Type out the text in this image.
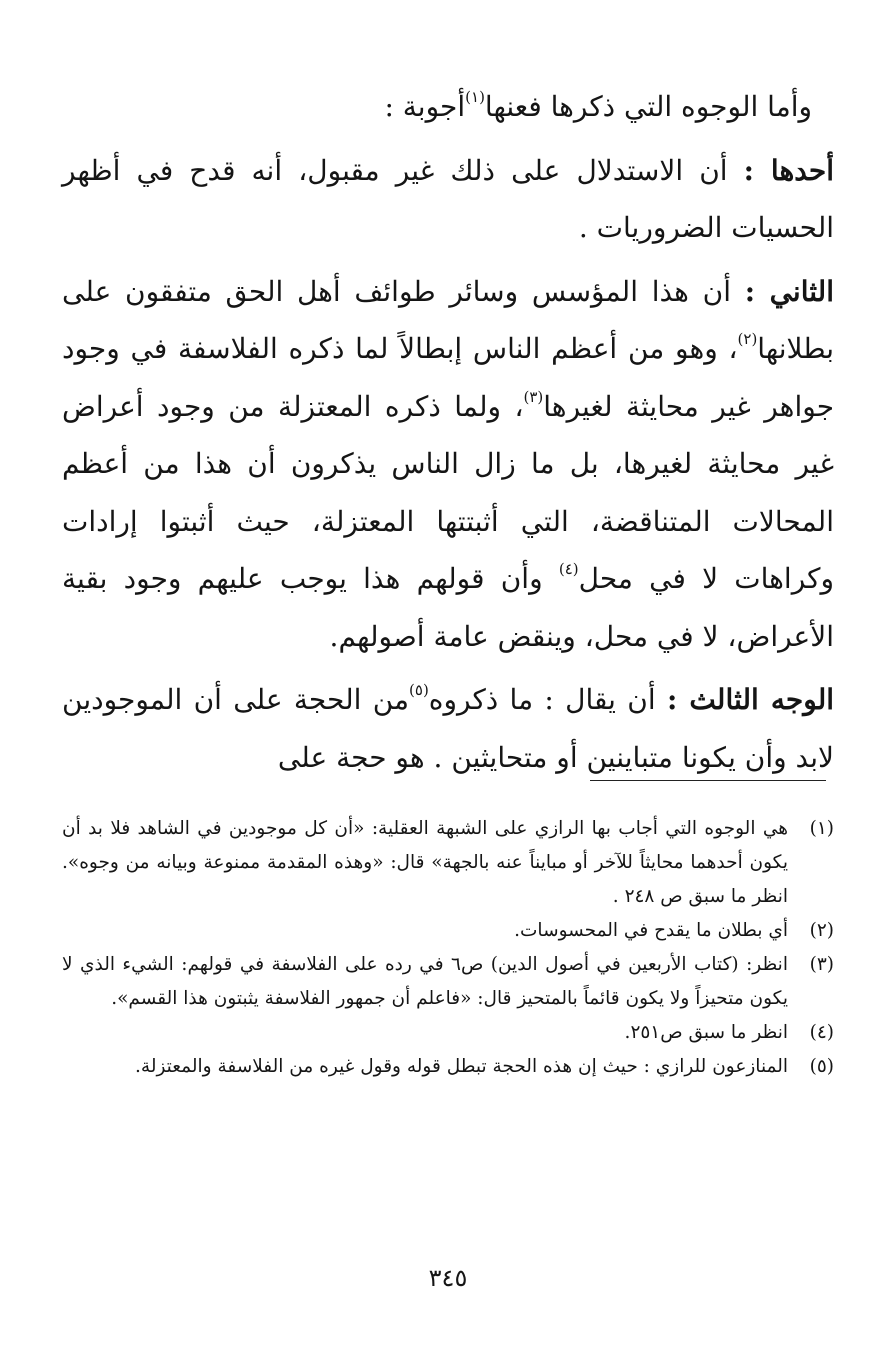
وأما الوجوه التي ذكرها فعنها$^{(١)}$أجوبة :

أحدها : أن الاستدلال على ذلك غير مقبول، أنه قدح في أظهر الحسيات الضروريات .

الثاني : أن هذا المؤسس وسائر طوائف أهل الحق متفقون على بطلانها$^{(٢)}$، وهو من أعظم الناس إبطالاً لما ذكره الفلاسفة في وجود جواهر غير محايثة لغيرها$^{(٣)}$، ولما ذكره المعتزلة من وجود أعراض غير محايثة لغيرها، بل ما زال الناس يذكرون أن هذا من أعظم المحالات المتناقضة، التي أثبتتها المعتزلة، حيث أثبتوا إرادات وكراهات لا في محل$^{(٤)}$ وأن قولهم هذا يوجب عليهم وجود بقية الأعراض، لا في محل، وينقض عامة أصولهم.

الوجه الثالث : أن يقال : ما ذكروه$^{(٥)}$من الحجة على أن الموجودين لابد وأن يكونا متباينين أو متحايثين . هو حجة على

(١)
هي الوجوه التي أجاب بها الرازي على الشبهة العقلية: «أن كل موجودين في الشاهد فلا بد أن يكون أحدهما محايثاً للآخر أو مبايناً عنه بالجهة» قال: «وهذه المقدمة ممنوعة وبيانه من وجوه». انظر ما سبق ص ٢٤٨ .
(٢)
أي بطلان ما يقدح في المحسوسات.
(٣)
انظر: (كتاب الأربعين في أصول الدين) ص٦ في رده على الفلاسفة في قولهم: الشيء الذي لا يكون متحيزاً ولا يكون قائماً بالمتحيز قال: «فاعلم أن جمهور الفلاسفة يثبتون هذا القسم».
(٤)
انظر ما سبق ص٢٥١.
(٥)
المنازعون للرازي : حيث إن هذه الحجة تبطل قوله وقول غيره من الفلاسفة والمعتزلة.
٣٤٥
